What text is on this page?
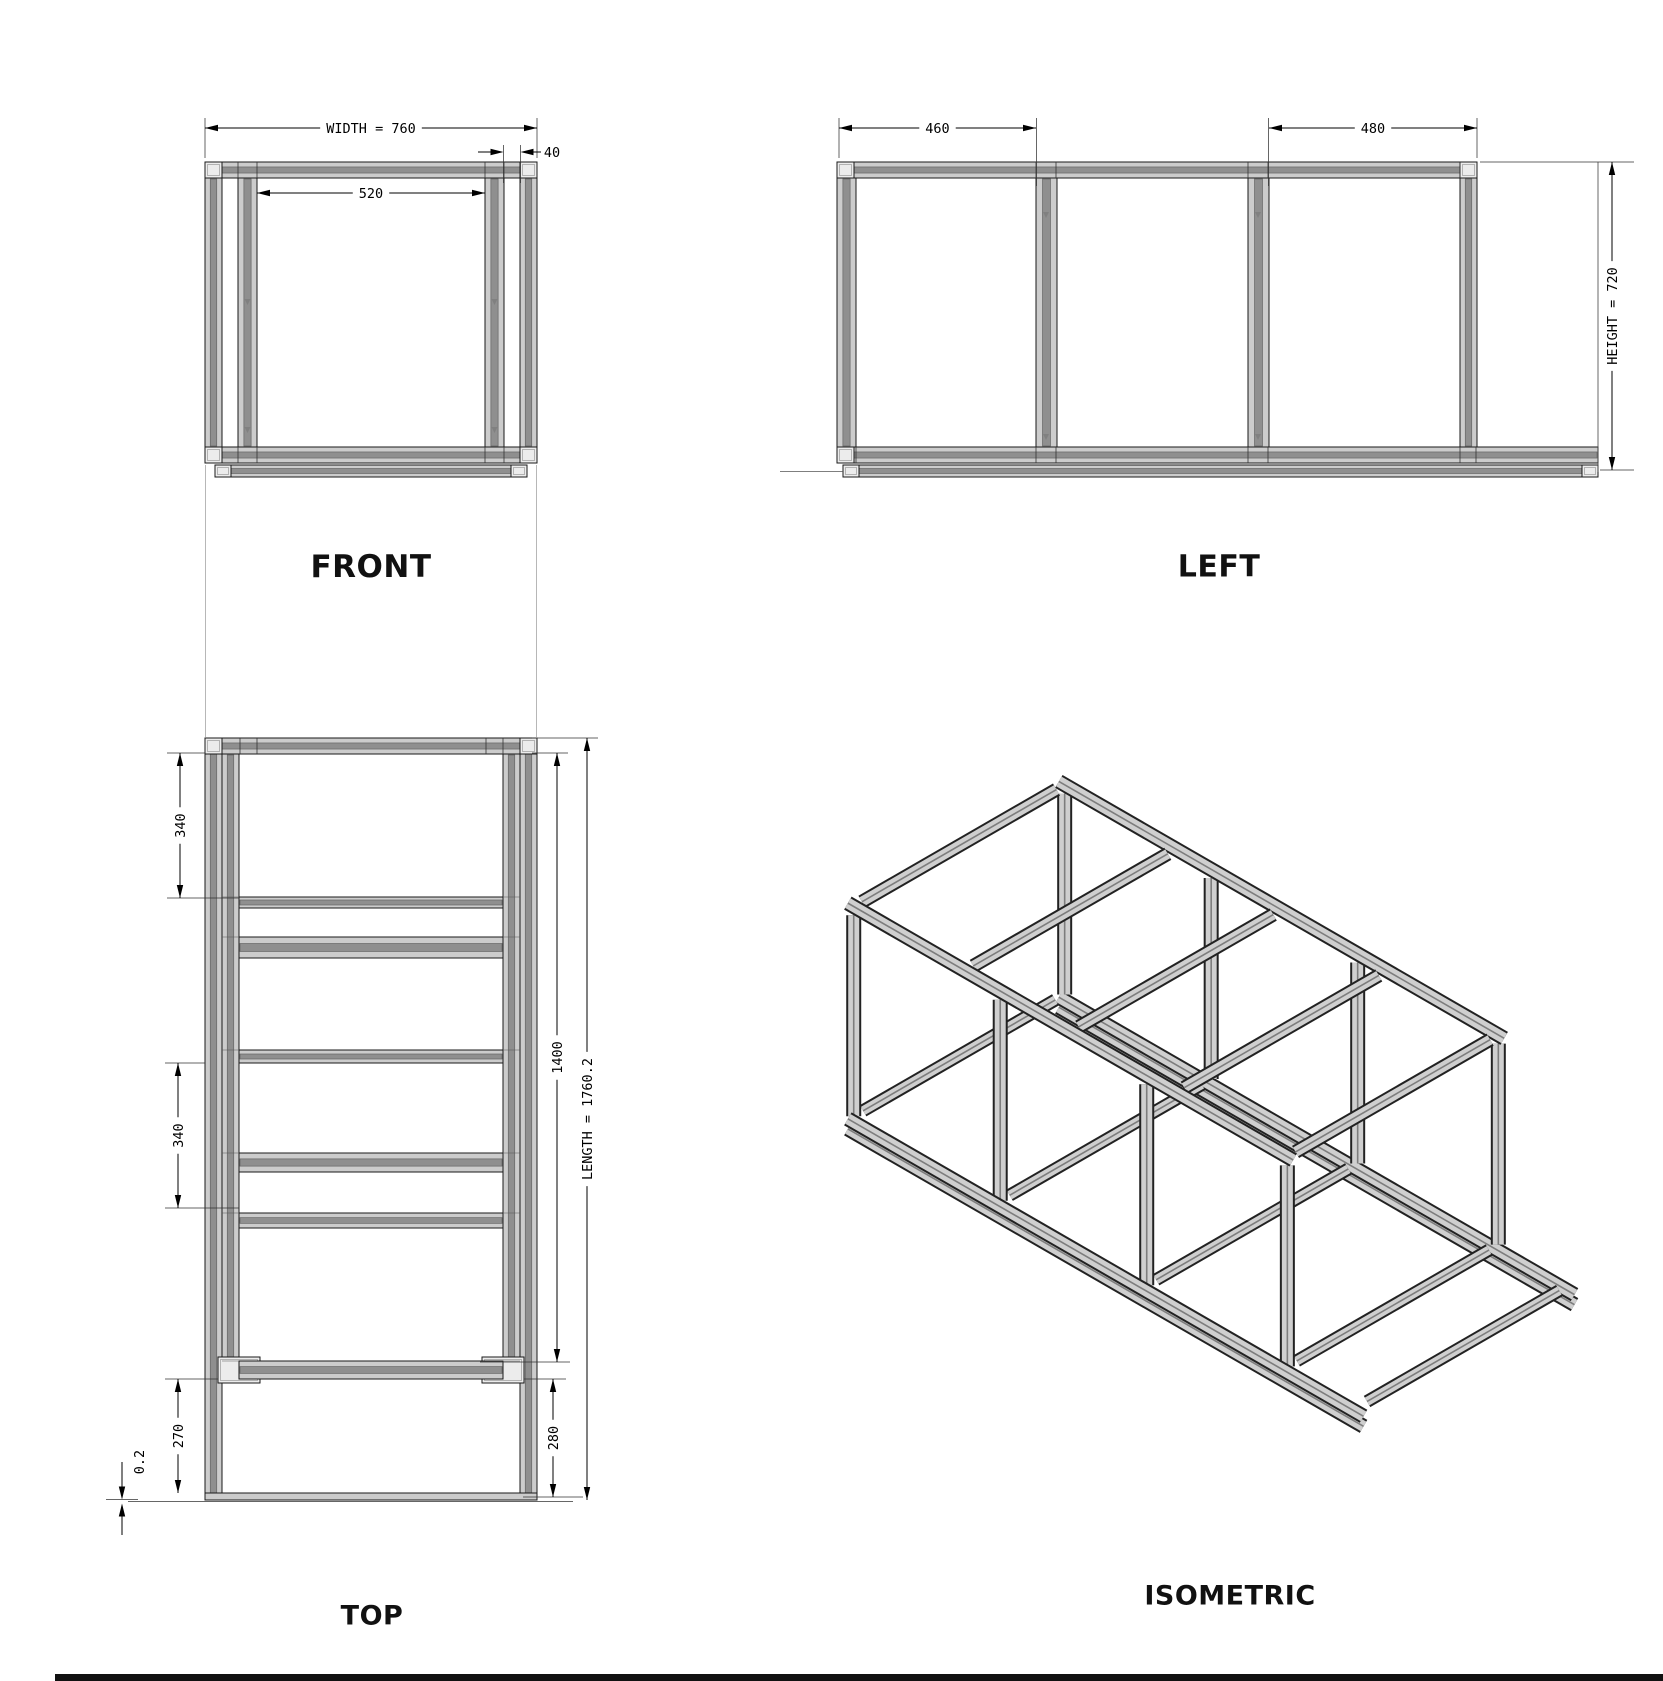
WIDTH = 760
520
40
460	480
HEIGHT = 720
340
340
270
0.2
1400
LENGTH = 1760.2
280
FRONT	LEFT
TOP
ISOMETRIC
